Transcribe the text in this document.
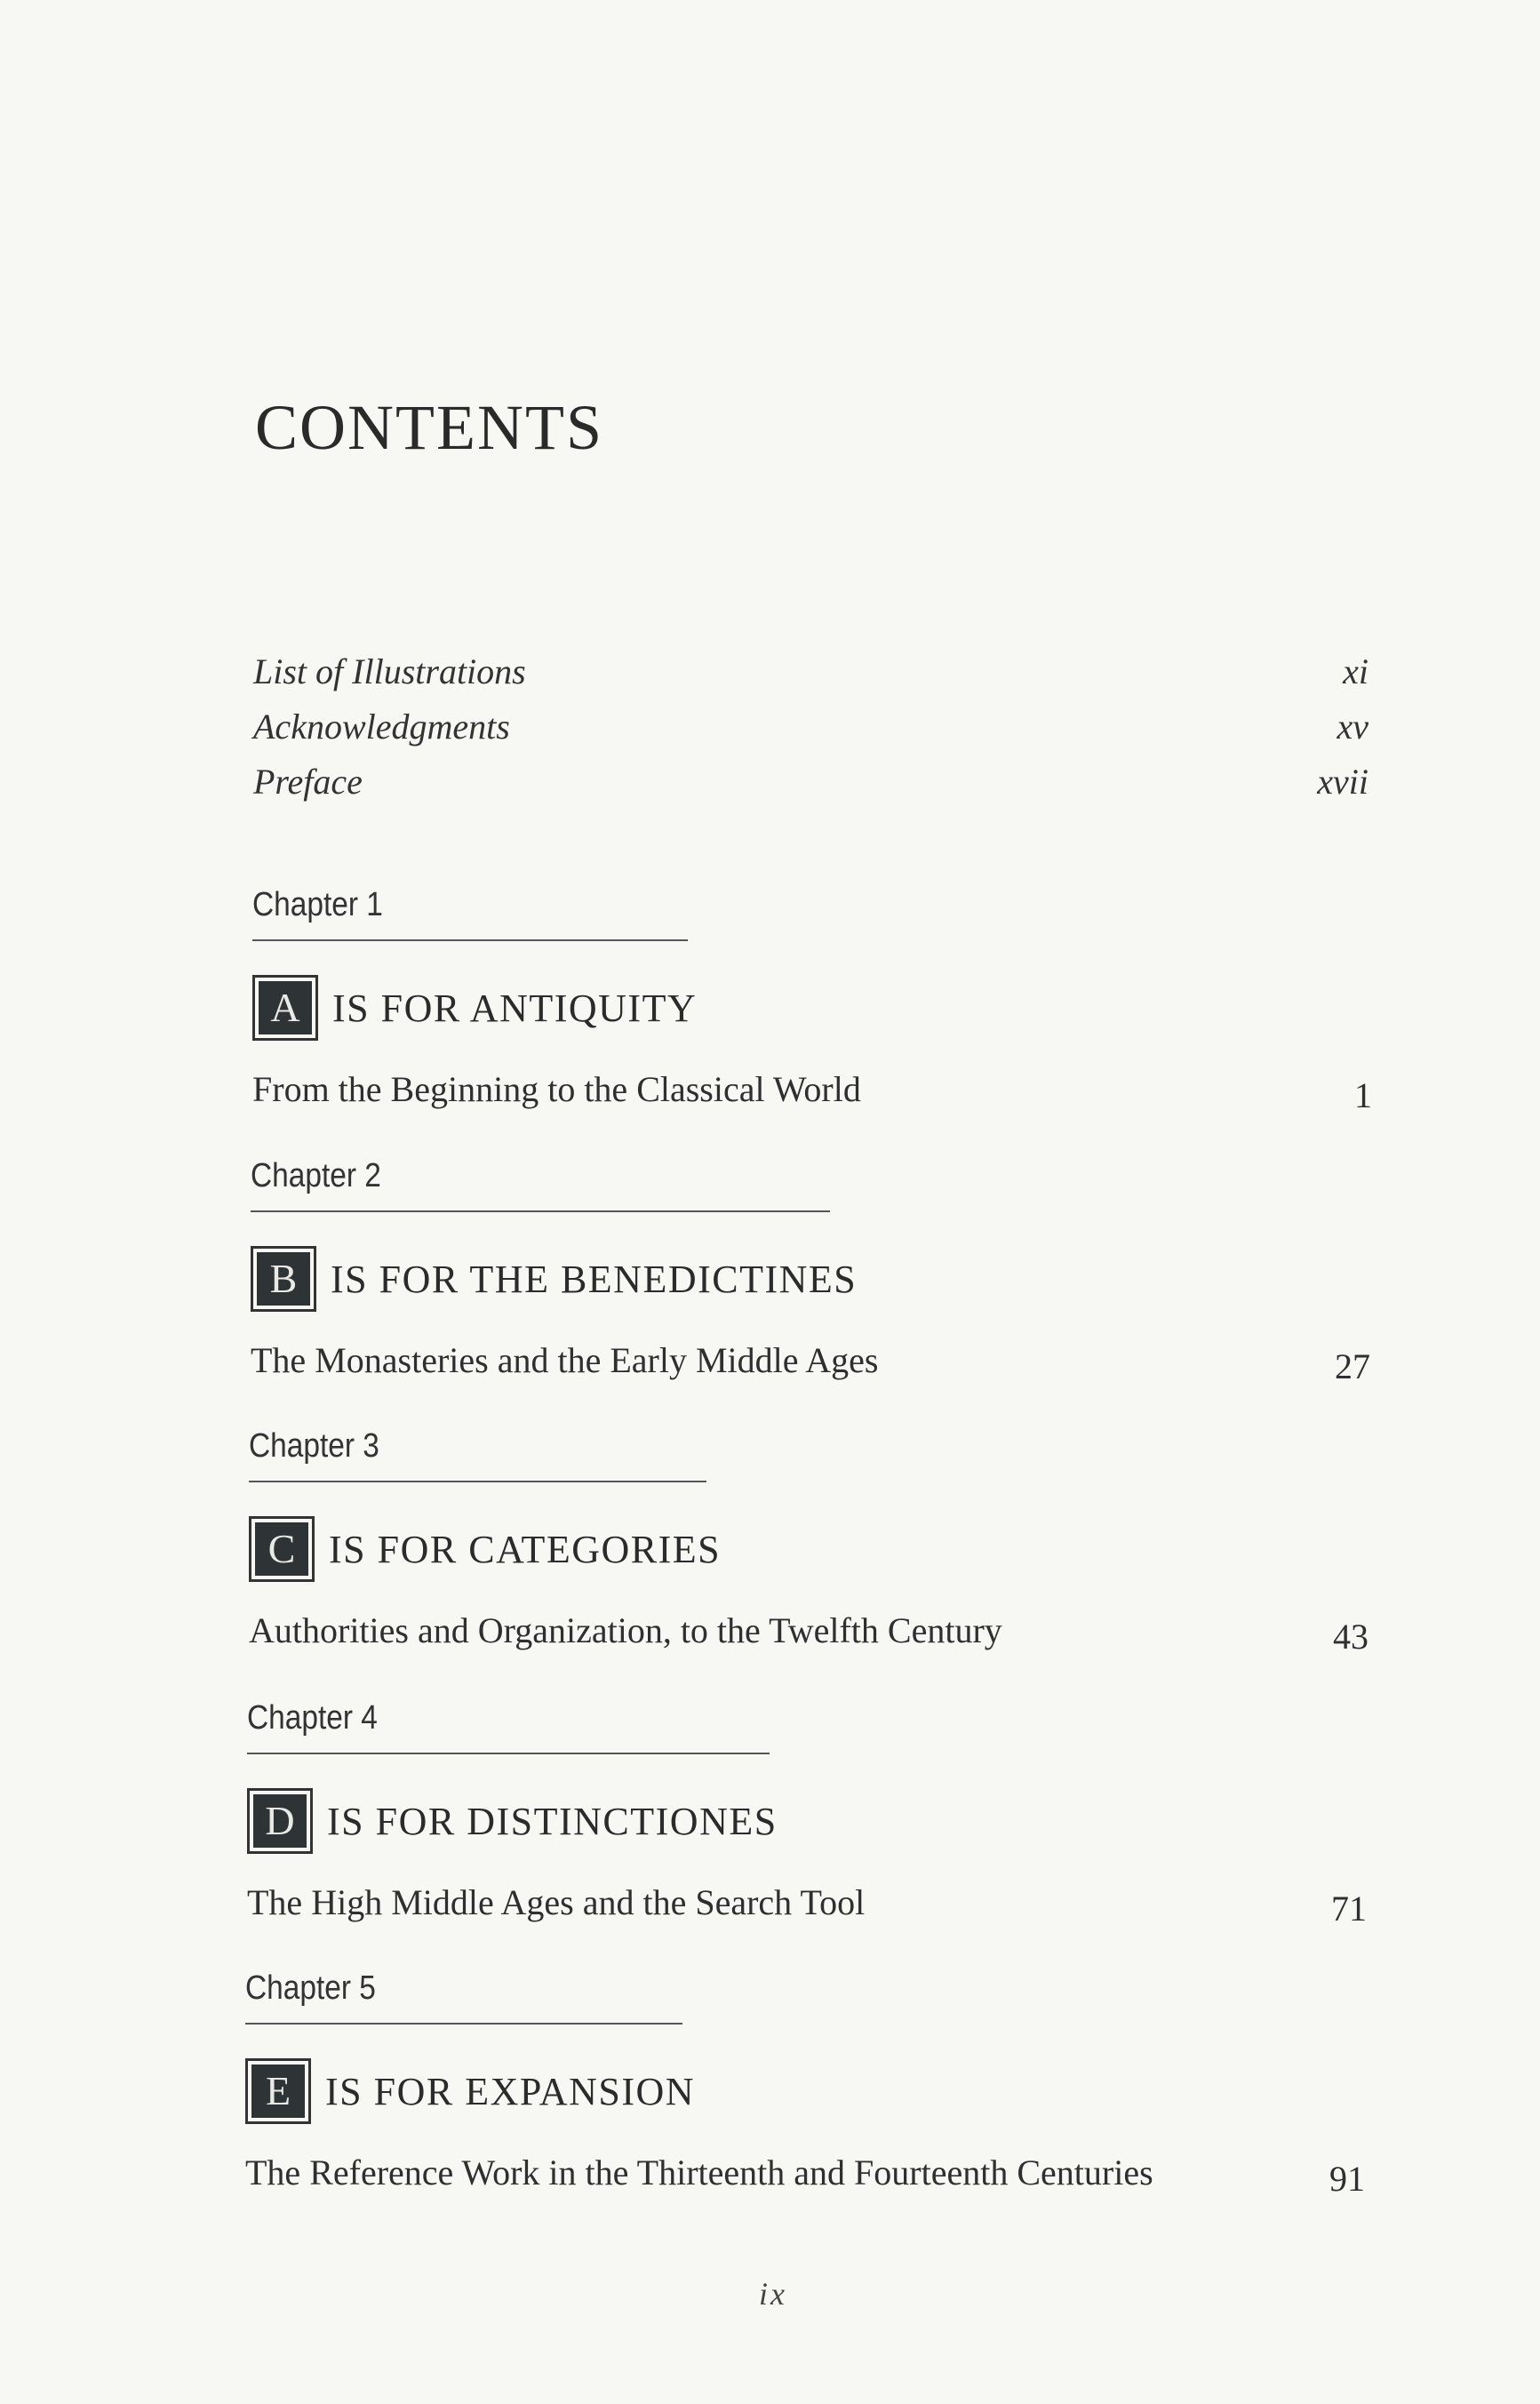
CONTENTS
List of Illustrations	xi
Acknowledgments	xv
Preface	xvii
Chapter 1
A IS FOR ANTIQUITY
From the Beginning to the Classical World	1
Chapter 2
B IS FOR THE BENEDICTINES
The Monasteries and the Early Middle Ages	27
Chapter 3
C IS FOR CATEGORIES
Authorities and Organization, to the Twelfth Century	43
Chapter 4
D IS FOR DISTINCTIONES
The High Middle Ages and the Search Tool	71
Chapter 5
E IS FOR EXPANSION
The Reference Work in the Thirteenth and Fourteenth Centuries	91
ix
